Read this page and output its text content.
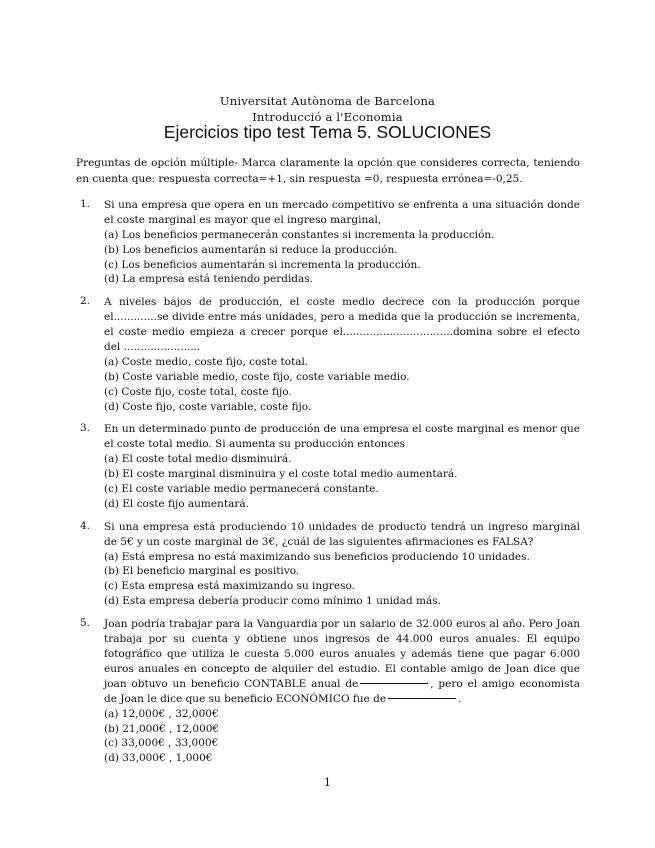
Universitat Autònoma de Barcelona
Introducció a l'Economia
Ejercicios tipo test Tema 5. SOLUCIONES
Preguntas de opción múltiple- Marca claramente la opción que consideres correcta, teniendo en cuenta que: respuesta correcta=+1, sin respuesta =0, respuesta errónea=-0,25.
1. Si una empresa que opera en un mercado competitivo se enfrenta a una situación donde el coste marginal es mayor que el ingreso marginal,
(a) Los beneficios permanecerán constantes si incrementa la producción.
(b) Los beneficios aumentarán si reduce la producción.
(c) Los beneficios aumentarán si incrementa la producción.
(d) La empresa está teniendo perdidas.
2. A niveles bajos de producción, el coste medio decrece con la producción porque el.............se divide entre más unidades, pero a medida que la producción se incrementa, el coste medio empieza a crecer porque el.................................domina sobre el efecto del .......................
(a) Coste medio, coste fijo, coste total.
(b) Coste variable medio, coste fijo, coste variable medio.
(c) Coste fijo, coste total, coste fijo.
(d) Coste fijo, coste variable, coste fijo.
3. En un determinado punto de producción de una empresa el coste marginal es menor que el coste total medio. Si aumenta su producción entonces
(a) El coste total medio disminuirá.
(b) El coste marginal disminuira y el coste total medio aumentará.
(c) El coste variable medio permanecerá constante.
(d) El coste fijo aumentará.
4. Si una empresa está produciendo 10 unidades de producto tendrá un ingreso marginal de 5€ y un coste marginal de 3€, ¿cuál de las siguientes afirmaciones es FALSA?
(a) Está empresa no está maximizando sus beneficios produciendo 10 unidades.
(b) El beneficio marginal es positivo.
(c) Esta empresa está maximizando su ingreso.
(d) Esta empresa debería producir como mínimo 1 unidad más.
5. Joan podría trabajar para la Vanguardia por un salario de 32.000 euros al año. Pero Joan trabaja por su cuenta y obtiene unos ingresos de 44.000 euros anuales. El equipo fotográfico que utiliza le cuesta 5.000 euros anuales y además tiene que pagar 6.000 euros anuales en concepto de alquiler del estudio. El contable amigo de Joan dice que joan obtuvo un beneficio CONTABLE anual de	, pero el amigo economista de Joan le dice que su beneficio ECONÓMICO fue de	.
(a) 12,000€ , 32,000€
(b) 21,000€ , 12,000€
(c) 33,000€ , 33,000€
(d) 33,000€ , 1,000€
1
